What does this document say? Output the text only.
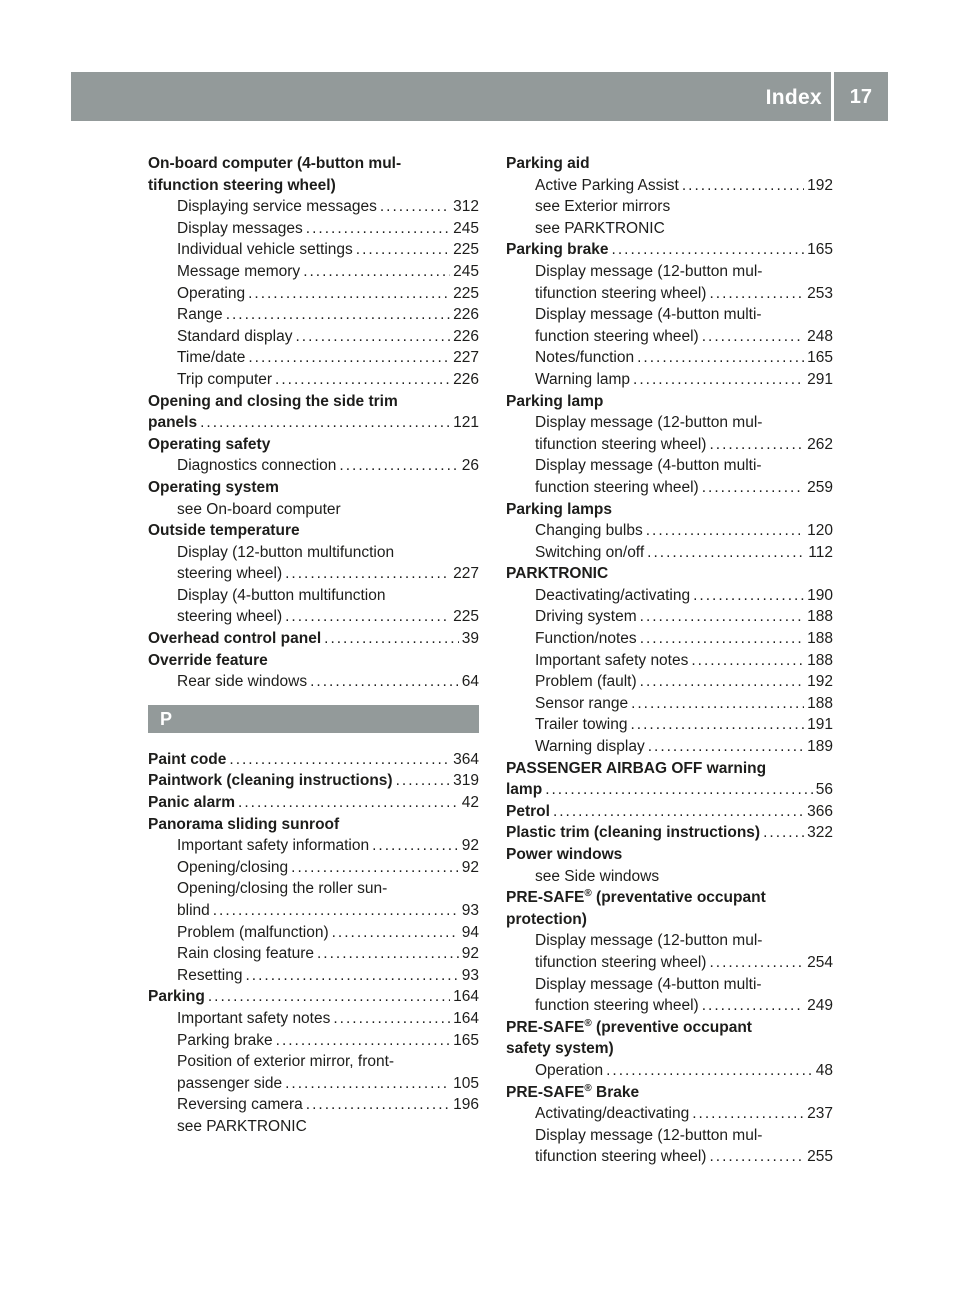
Index 17
On-board computer (4-button mul-
tifunction steering wheel)
Displaying service messages .....	312
Display messages .....	245
Individual vehicle settings .....	225
Message memory .....	245
Operating .....	225
Range .....	226
Standard display .....	226
Time/date .....	227
Trip computer .....	226
Opening and closing the side trim
panels .....	121
Operating safety
Diagnostics connection .....	26
Operating system
see On-board computer
Outside temperature
Display (12-button multifunction
steering wheel) .....	227
Display (4-button multifunction
steering wheel) .....	225
Overhead control panel .....	39
Override feature
Rear side windows .....	64
P
Paint code .....	364
Paintwork (cleaning instructions) .....	319
Panic alarm .....	42
Panorama sliding sunroof
Important safety information .....	92
Opening/closing .....	92
Opening/closing the roller sun-
blind .....	93
Problem (malfunction) .....	94
Rain closing feature .....	92
Resetting .....	93
Parking .....	164
Important safety notes .....	164
Parking brake .....	165
Position of exterior mirror, front-
passenger side .....	105
Reversing camera .....	196
see PARKTRONIC
Parking aid
Active Parking Assist .....	192
see Exterior mirrors
see PARKTRONIC
Parking brake .....	165
Display message (12-button mul-
tifunction steering wheel) .....	253
Display message (4-button multi-
function steering wheel) .....	248
Notes/function .....	165
Warning lamp .....	291
Parking lamp
Display message (12-button mul-
tifunction steering wheel) .....	262
Display message (4-button multi-
function steering wheel) .....	259
Parking lamps
Changing bulbs .....	120
Switching on/off .....	112
PARKTRONIC
Deactivating/activating .....	190
Driving system .....	188
Function/notes .....	188
Important safety notes .....	188
Problem (fault) .....	192
Sensor range .....	188
Trailer towing .....	191
Warning display .....	189
PASSENGER AIRBAG OFF warning
lamp .....	56
Petrol .....	366
Plastic trim (cleaning instructions) .....	322
Power windows
see Side windows
PRE-SAFE® (preventative occupant
protection)
Display message (12-button mul-
tifunction steering wheel) .....	254
Display message (4-button multi-
function steering wheel) .....	249
PRE-SAFE® (preventive occupant
safety system)
Operation .....	48
PRE-SAFE® Brake
Activating/deactivating .....	237
Display message (12-button mul-
tifunction steering wheel) .....	255
